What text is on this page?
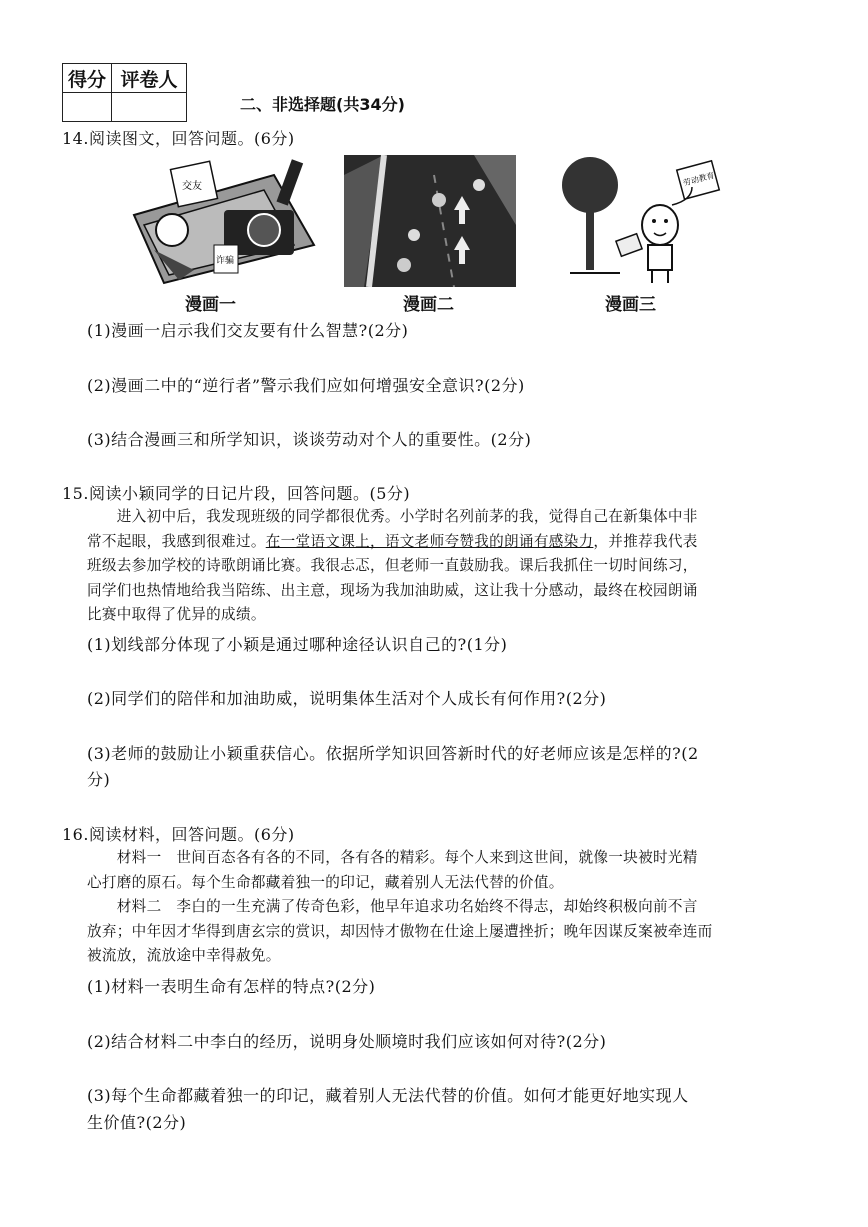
得分	评卷人

二、非选择题(共34分)
14.阅读图文，回答问题。(6分)
交友
诈骗
劳动教育
漫画一	漫画二	漫画三
(1)漫画一启示我们交友要有什么智慧?(2分)
(2)漫画二中的“逆行者”警示我们应如何增强安全意识?(2分)
(3)结合漫画三和所学知识，谈谈劳动对个人的重要性。(2分)
15.阅读小颖同学的日记片段，回答问题。(5分)

　　进入初中后，我发现班级的同学都很优秀。小学时名列前茅的我，觉得自己在新集体中非

常不起眼，我感到很难过。在一堂语文课上，语文老师夸赞我的朗诵有感染力，并推荐我代表

班级去参加学校的诗歌朗诵比赛。我很忐忑，但老师一直鼓励我。课后我抓住一切时间练习，

同学们也热情地给我当陪练、出主意，现场为我加油助威，这让我十分感动，最终在校园朗诵

比赛中取得了优异的成绩。

(1)划线部分体现了小颖是通过哪种途径认识自己的?(1分)
(2)同学们的陪伴和加油助威，说明集体生活对个人成长有何作用?(2分)
(3)老师的鼓励让小颖重获信心。依据所学知识回答新时代的好老师应该是怎样的?(2
分)
16.阅读材料，回答问题。(6分)

　　材料一　世间百态各有各的不同，各有各的精彩。每个人来到这世间，就像一块被时光精

心打磨的原石。每个生命都藏着独一的印记，藏着别人无法代替的价值。

　　材料二　李白的一生充满了传奇色彩，他早年追求功名始终不得志，却始终积极向前不言

放弃；中年因才华得到唐玄宗的赏识，却因恃才傲物在仕途上屡遭挫折；晚年因谋反案被牵连而

被流放，流放途中幸得赦免。

(1)材料一表明生命有怎样的特点?(2分)
(2)结合材料二中李白的经历，说明身处顺境时我们应该如何对待?(2分)
(3)每个生命都藏着独一的印记，藏着别人无法代替的价值。如何才能更好地实现人
生价值?(2分)
